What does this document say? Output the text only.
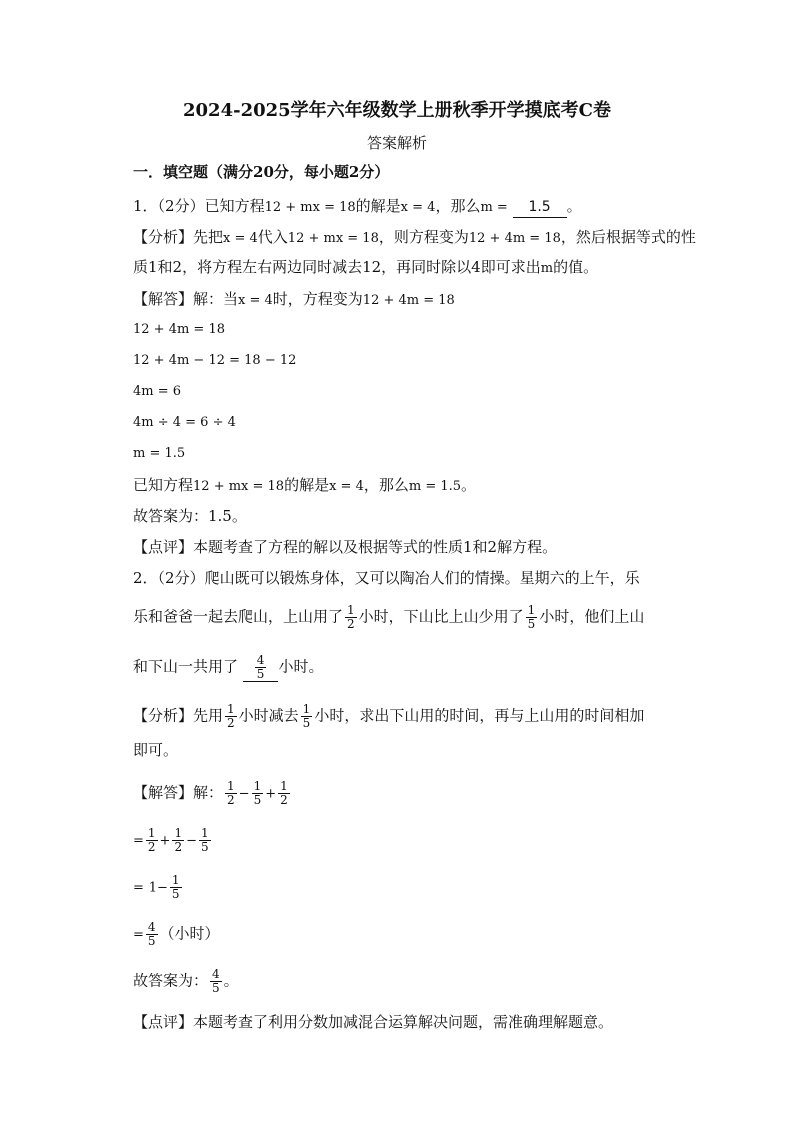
2024-2025学年六年级数学上册秋季开学摸底考C卷
答案解析
一．填空题（满分20分，每小题2分）
1．（2分）已知方程12 + mx = 18的解是x = 4，那么m = 1.5 。
【分析】先把x = 4代入12 + mx = 18，则方程变为12 + 4m = 18，然后根据等式的性
质1和2，将方程左右两边同时减去12，再同时除以4即可求出m的值。
【解答】解：当x = 4时，方程变为12 + 4m = 18
12 + 4m = 18
12 + 4m − 12 = 18 − 12
4m = 6
4m ÷ 4 = 6 ÷ 4
m = 1.5
已知方程12 + mx = 18的解是x = 4，那么m = 1.5。
故答案为：1.5。
【点评】本题考查了方程的解以及根据等式的性质1和2解方程。
2．（2分）爬山既可以锻炼身体，又可以陶冶人们的情操。星期六的上午，乐
乐和爸爸一起去爬山，上山用了 $\frac{1}{2}$ 小时，下山比上山少用了 $\frac{1}{5}$ 小时，他们上山
和下山一共用了 $\frac{4}{5}$ 小时。
【分析】先用 $\frac{1}{2}$ 小时减去 $\frac{1}{5}$ 小时，求出下山用的时间，再与上山用的时间相加
即可。
【解答】解： $\frac{1}{2} - \frac{1}{5} + \frac{1}{2}$
= $\frac{1}{2} + \frac{1}{2} - \frac{1}{5}$
= $1- \frac{1}{5}$
= $\frac{4}{5}$ （小时）
故答案为： $\frac{4}{5}$ 。
【点评】本题考查了利用分数加减混合运算解决问题，需准确理解题意。
